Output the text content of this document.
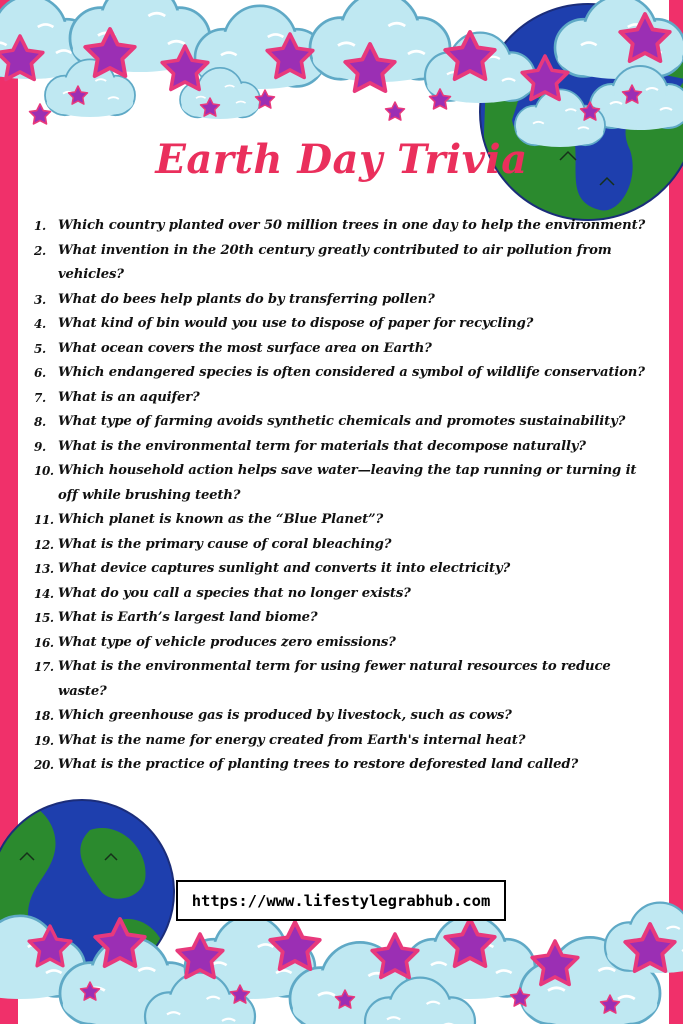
Earth Day Trivia
1. Which country planted over 50 million trees in one day to help the environment?
2. What invention in the 20th century greatly contributed to air pollution from vehicles?
3. What do bees help plants do by transferring pollen?
4. What kind of bin would you use to dispose of paper for recycling?
5. What ocean covers the most surface area on Earth?
6. Which endangered species is often considered a symbol of wildlife conservation?
7. What is an aquifer?
8. What type of farming avoids synthetic chemicals and promotes sustainability?
9. What is the environmental term for materials that decompose naturally?
10. Which household action helps save water—leaving the tap running or turning it off while brushing teeth?
11. Which planet is known as the “Blue Planet”?
12. What is the primary cause of coral bleaching?
13. What device captures sunlight and converts it into electricity?
14. What do you call a species that no longer exists?
15. What is Earth’s largest land biome?
16. What type of vehicle produces zero emissions?
17. What is the environmental term for using fewer natural resources to reduce waste?
18. Which greenhouse gas is produced by livestock, such as cows?
19. What is the name for energy created from Earth's internal heat?
20. What is the practice of planting trees to restore deforested land called?
https://www.lifestylegrabhub.com
